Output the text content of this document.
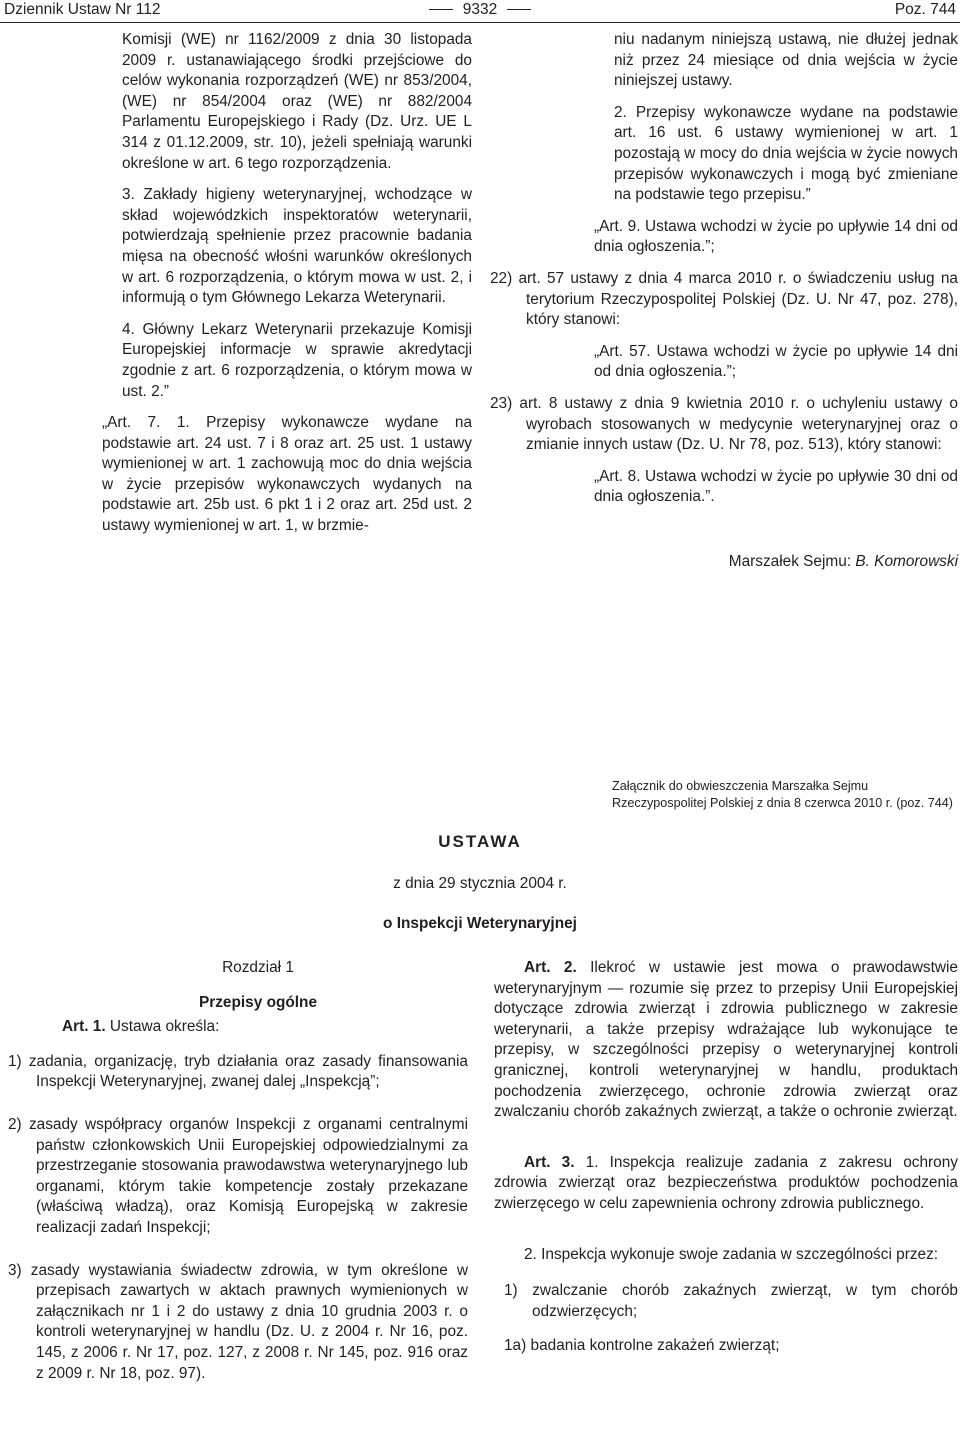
Dziennik Ustaw Nr 112	9332	Poz. 744

Komisji (WE) nr 1162/2009 z dnia 30 listopada 2009 r. ustanawiającego środki przejściowe do celów wykonania rozporządzeń (WE) nr 853/2004, (WE) nr 854/2004 oraz (WE) nr 882/2004 Parlamentu Europejskiego i Rady (Dz. Urz. UE L 314 z 01.12.2009, str. 10), jeżeli spełniają warunki określone w art. 6 tego rozporządzenia.

3. Zakłady higieny weterynaryjnej, wchodzące w skład wojewódzkich inspektoratów weterynarii, potwierdzają spełnienie przez pracownie badania mięsa na obecność włośni warunków określonych w art. 6 rozporządzenia, o którym mowa w ust. 2, i informują o tym Głównego Lekarza Weterynarii.

4. Główny Lekarz Weterynarii przekazuje Komisji Europejskiej informacje w sprawie akredytacji zgodnie z art. 6 rozporządzenia, o którym mowa w ust. 2.”

„Art. 7. 1. Przepisy wykonawcze wydane na podstawie art. 24 ust. 7 i 8 oraz art. 25 ust. 1 ustawy wymienionej w art. 1 zachowują moc do dnia wejścia w życie przepisów wykonawczych wydanych na podstawie art. 25b ust. 6 pkt 1 i 2 oraz art. 25d ust. 2 ustawy wymienionej w art. 1, w brzmie-

niu nadanym niniejszą ustawą, nie dłużej jednak niż przez 24 miesiące od dnia wejścia w życie niniejszej ustawy.

2. Przepisy wykonawcze wydane na podstawie art. 16 ust. 6 ustawy wymienionej w art. 1 pozostają w mocy do dnia wejścia w życie nowych przepisów wykonawczych i mogą być zmieniane na podstawie tego przepisu.”

„Art. 9. Ustawa wchodzi w życie po upływie 14 dni od dnia ogłoszenia.”;

22) art. 57 ustawy z dnia 4 marca 2010 r. o świadczeniu usług na terytorium Rzeczypospolitej Polskiej (Dz. U. Nr 47, poz. 278), który stanowi:

„Art. 57. Ustawa wchodzi w życie po upływie 14 dni od dnia ogłoszenia.”;

23) art. 8 ustawy z dnia 9 kwietnia 2010 r. o uchyleniu ustawy o wyrobach stosowanych w medycynie weterynaryjnej oraz o zmianie innych ustaw (Dz. U. Nr 78, poz. 513), który stanowi:

„Art. 8. Ustawa wchodzi w życie po upływie 30 dni od dnia ogłoszenia.”.

Marszałek Sejmu: B. Komorowski

Załącznik do obwieszczenia Marszałka Sejmu Rzeczypospolitej Polskiej z dnia 8 czerwca 2010 r. (poz. 744)
USTAWA
z dnia 29 stycznia 2004 r.
o Inspekcji Weterynaryjnej

Rozdział 1

Przepisy ogólne

Art. 1. Ustawa określa:

1) zadania, organizację, tryb działania oraz zasady finansowania Inspekcji Weterynaryjnej, zwanej dalej „Inspekcją”;

2) zasady współpracy organów Inspekcji z organami centralnymi państw członkowskich Unii Europejskiej odpowiedzialnymi za przestrzeganie stosowania prawodawstwa weterynaryjnego lub organami, którym takie kompetencje zostały przekazane (właściwą władzą), oraz Komisją Europejską w zakresie realizacji zadań Inspekcji;

3) zasady wystawiania świadectw zdrowia, w tym określone w przepisach zawartych w aktach prawnych wymienionych w załącznikach nr 1 i 2 do ustawy z dnia 10 grudnia 2003 r. o kontroli weterynaryjnej w handlu (Dz. U. z 2004 r. Nr 16, poz. 145, z 2006 r. Nr 17, poz. 127, z 2008 r. Nr 145, poz. 916 oraz z 2009 r. Nr 18, poz. 97).

Art. 2. Ilekroć w ustawie jest mowa o prawodawstwie weterynaryjnym — rozumie się przez to przepisy Unii Europejskiej dotyczące zdrowia zwierząt i zdrowia publicznego w zakresie weterynarii, a także przepisy wdrażające lub wykonujące te przepisy, w szczególności przepisy o weterynaryjnej kontroli granicznej, kontroli weterynaryjnej w handlu, produktach pochodzenia zwierzęcego, ochronie zdrowia zwierząt oraz zwalczaniu chorób zakaźnych zwierząt, a także o ochronie zwierząt.

Art. 3. 1. Inspekcja realizuje zadania z zakresu ochrony zdrowia zwierząt oraz bezpieczeństwa produktów pochodzenia zwierzęcego w celu zapewnienia ochrony zdrowia publicznego.

2. Inspekcja wykonuje swoje zadania w szczególności przez:

1) zwalczanie chorób zakaźnych zwierząt, w tym chorób odzwierzęcych;

1a) badania kontrolne zakażeń zwierząt;
